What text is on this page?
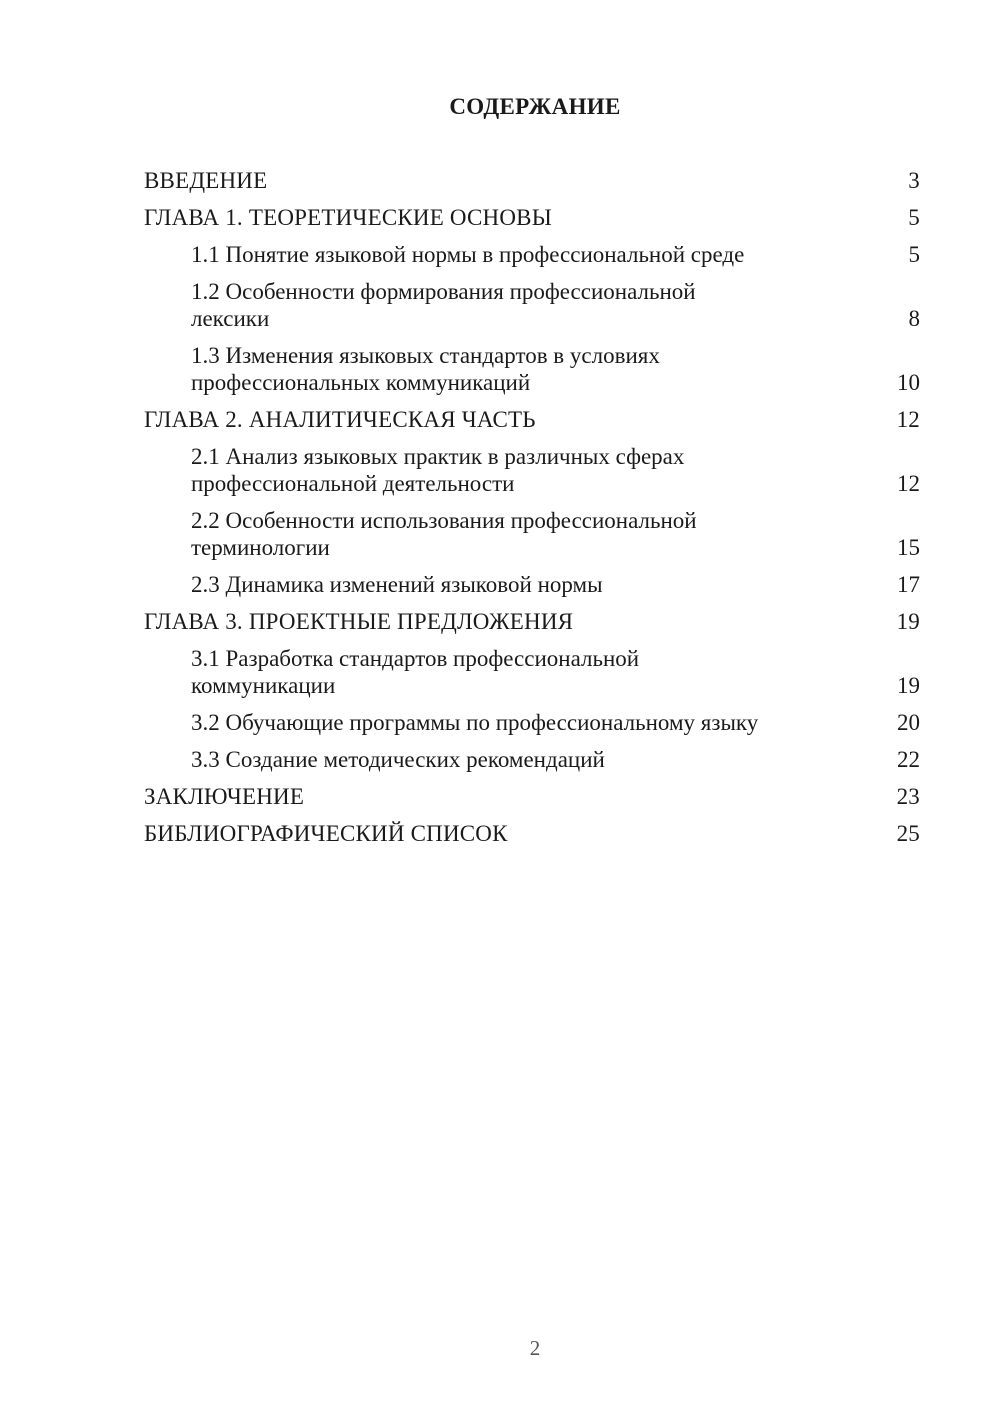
СОДЕРЖАНИЕ
ВВЕДЕНИЕ	3
ГЛАВА 1. ТЕОРЕТИЧЕСКИЕ ОСНОВЫ	5
1.1 Понятие языковой нормы в профессиональной среде	5
1.2 Особенности формирования профессиональной лексики	8
1.3 Изменения языковых стандартов в условиях профессиональных коммуникаций	10
ГЛАВА 2. АНАЛИТИЧЕСКАЯ ЧАСТЬ	12
2.1 Анализ языковых практик в различных сферах профессиональной деятельности	12
2.2 Особенности использования профессиональной терминологии	15
2.3 Динамика изменений языковой нормы	17
ГЛАВА 3. ПРОЕКТНЫЕ ПРЕДЛОЖЕНИЯ	19
3.1 Разработка стандартов профессиональной коммуникации	19
3.2 Обучающие программы по профессиональному языку	20
3.3 Создание методических рекомендаций	22
ЗАКЛЮЧЕНИЕ	23
БИБЛИОГРАФИЧЕСКИЙ СПИСОК	25
2
